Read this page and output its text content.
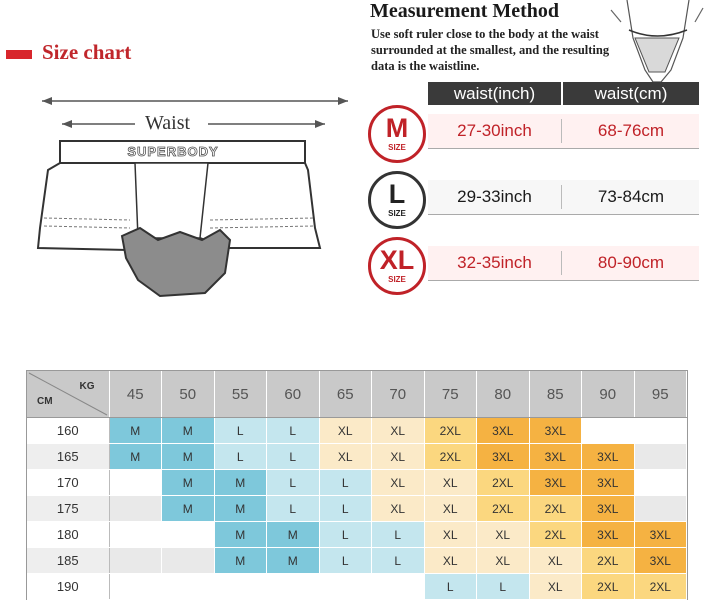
Size chart
Waist
SUPERBODY
Measurement Method
Use soft ruler close to the body at the waist surrounded at the smallest, and the resulting data is the waistline.
waist(inch)	waist(cm)
27-30inch	68-76cm
29-33inch	73-84cm
32-35inch	80-90cm
M
SIZE
L
SIZE
XL
SIZE
KG
CM	45	50	55	60	65	70	75	80	85	90	95
160	M	M	L	L	XL	XL	2XL	3XL	3XL		
165	M	M	L	L	XL	XL	2XL	3XL	3XL	3XL	
170		M	M	L	L	XL	XL	2XL	3XL	3XL	
175		M	M	L	L	XL	XL	2XL	2XL	3XL	
180			M	M	L	L	XL	XL	2XL	3XL	3XL
185			M	M	L	L	XL	XL	XL	2XL	3XL
190							L	L	XL	2XL	2XL
